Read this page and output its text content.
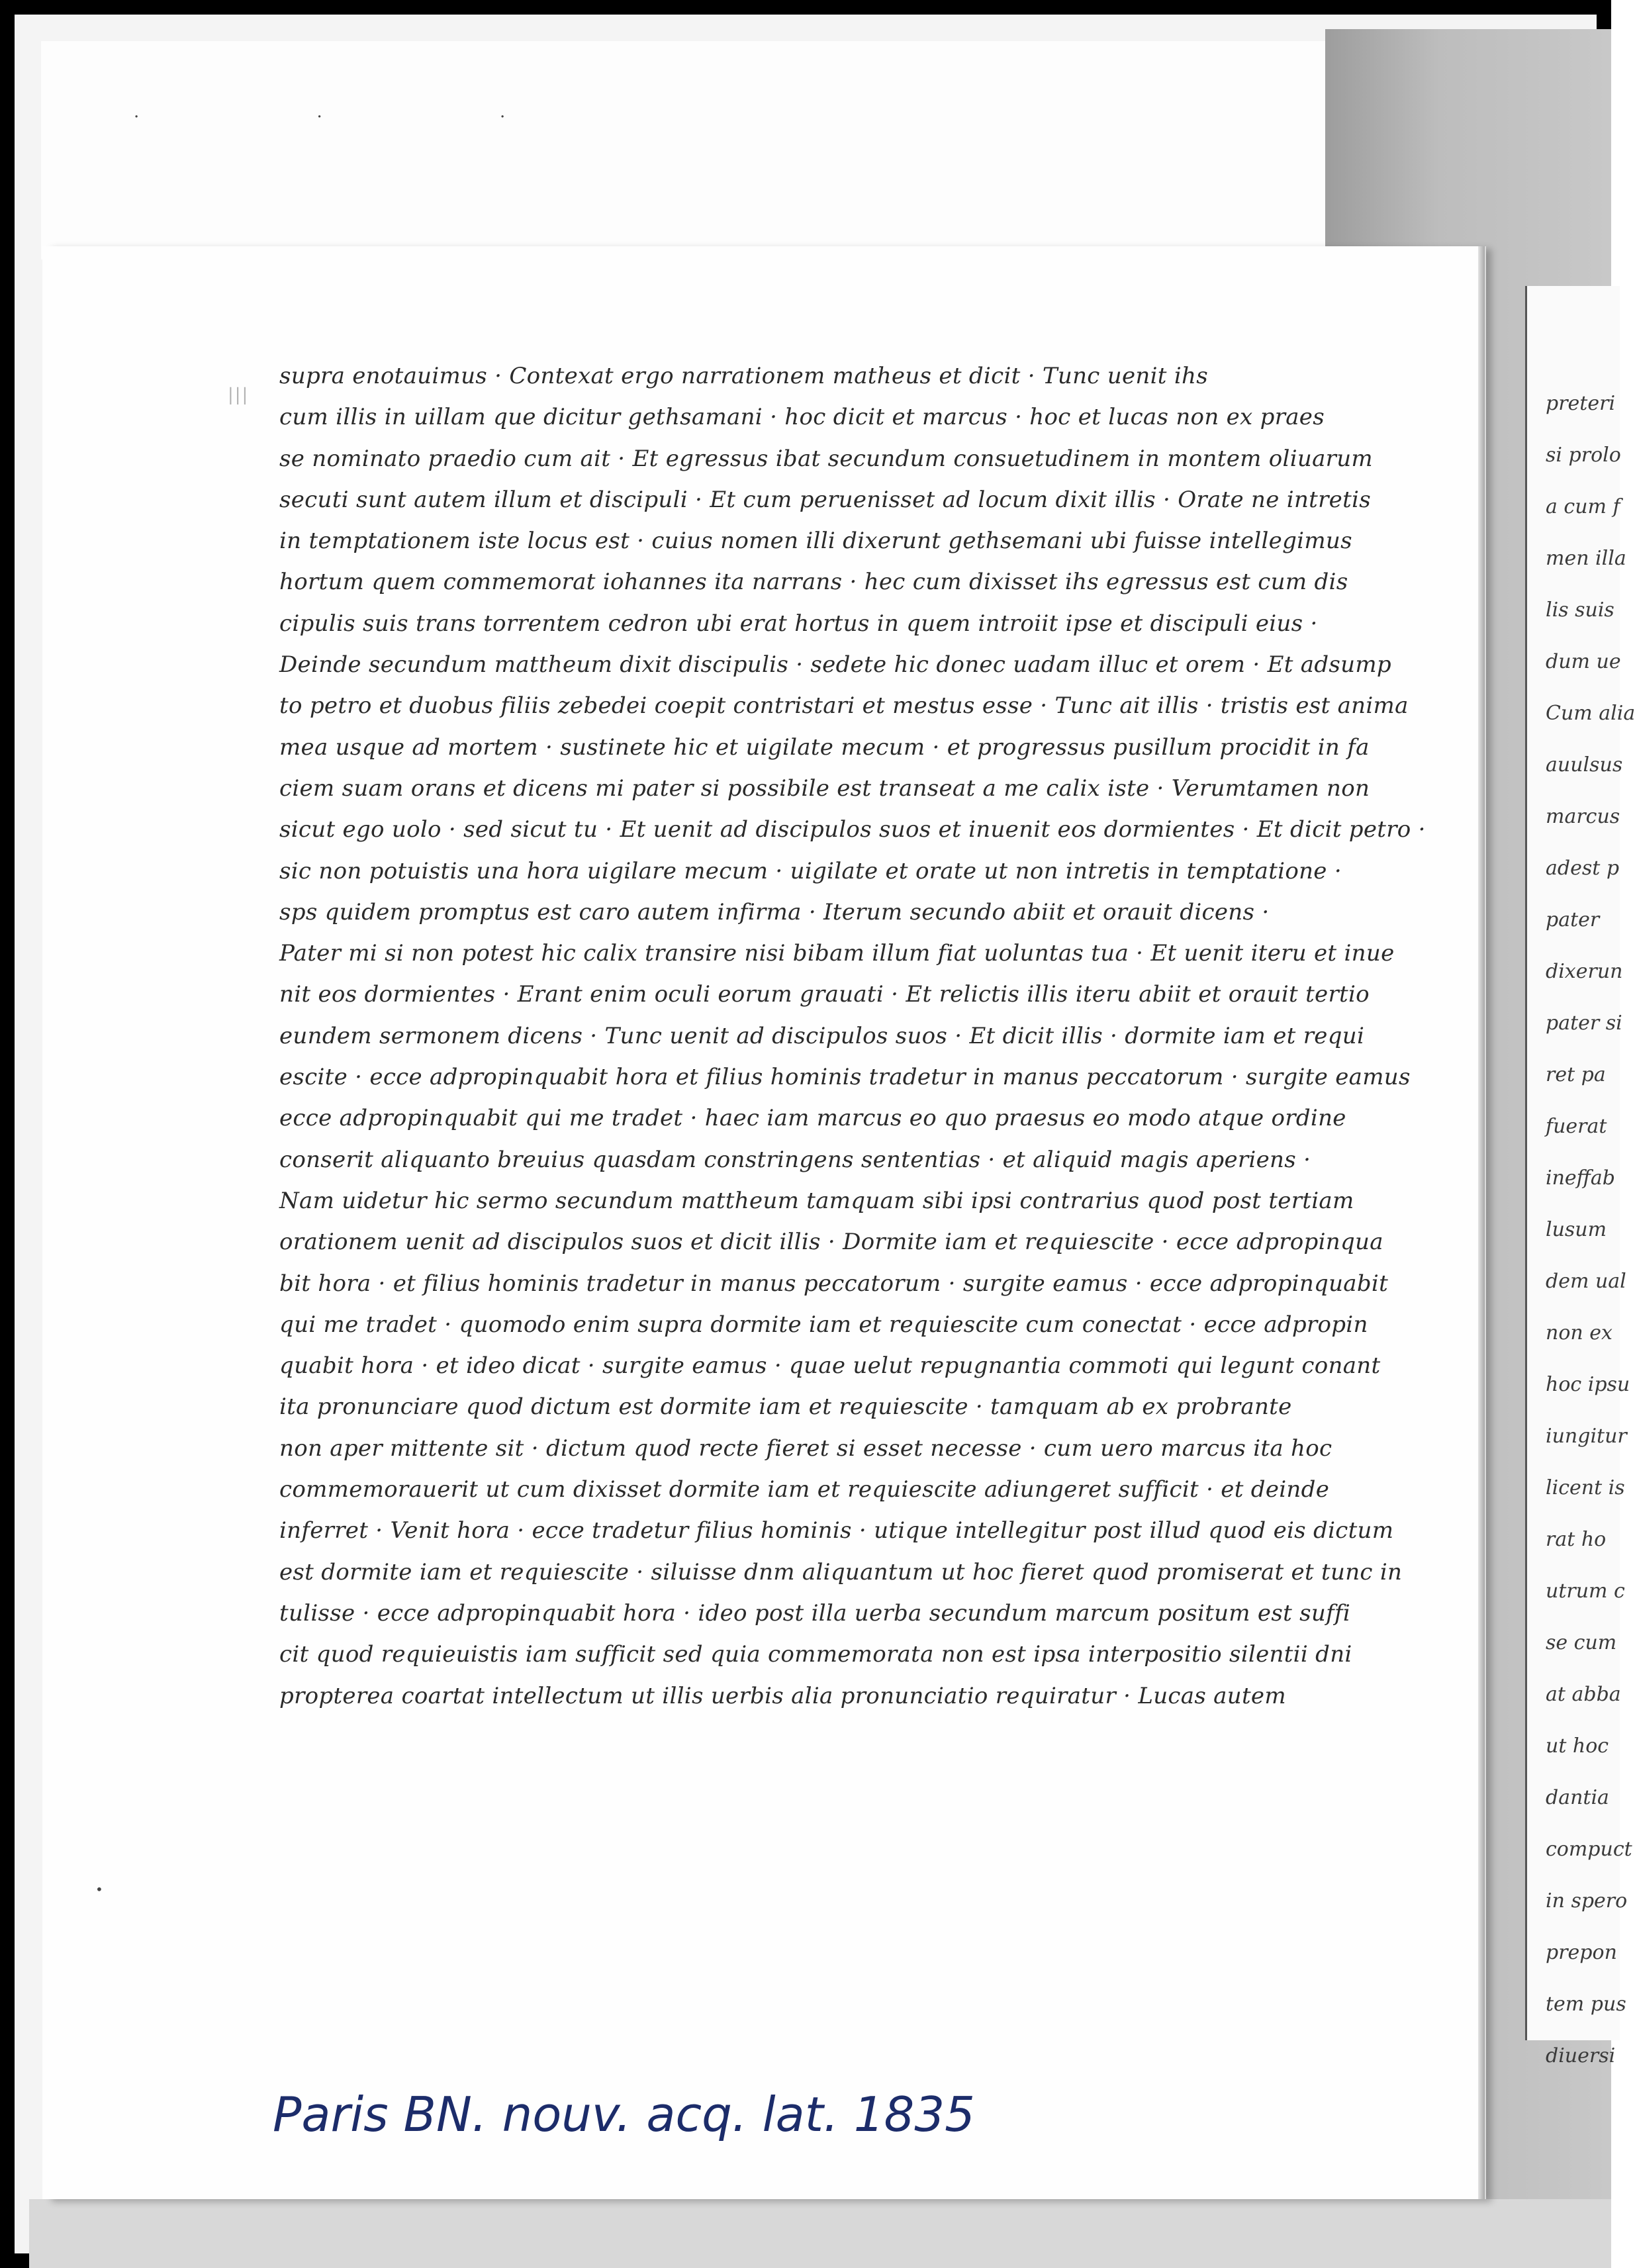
· · ·
preteri
si prolo
a cum f
men illa
lis suis
dum ue
Cum alia
auulsus
marcus
adest p
pater
dixerun
pater si
ret pa
fuerat
ineffab
lusum
dem ual
non ex
hoc ipsu
iungitur
licent is
rat ho
utrum c
se cum
at abba
ut hoc
dantia
compuct
in spero
prepon
tem pus
diuersi
|||
•
supra enotauimus · Contexat ergo narrationem matheus et dicit · Tunc uenit ihs
cum illis in uillam que dicitur gethsamani · hoc dicit et marcus · hoc et lucas non ex praes
se nominato praedio cum ait · Et egressus ibat secundum consuetudinem in montem oliuarum
secuti sunt autem illum et discipuli · Et cum peruenisset ad locum dixit illis · Orate ne intretis
in temptationem iste locus est · cuius nomen illi dixerunt gethsemani ubi fuisse intellegimus
hortum quem commemorat iohannes ita narrans · hec cum dixisset ihs egressus est cum dis
cipulis suis trans torrentem cedron ubi erat hortus in quem introiit ipse et discipuli eius ·
Deinde secundum mattheum dixit discipulis · sedete hic donec uadam illuc et orem · Et adsump
to petro et duobus filiis zebedei coepit contristari et mestus esse · Tunc ait illis · tristis est anima
mea usque ad mortem · sustinete hic et uigilate mecum · et progressus pusillum procidit in fa
ciem suam orans et dicens mi pater si possibile est transeat a me calix iste · Verumtamen non
sicut ego uolo · sed sicut tu · Et uenit ad discipulos suos et inuenit eos dormientes · Et dicit petro ·
sic non potuistis una hora uigilare mecum · uigilate et orate ut non intretis in temptatione ·
sps quidem promptus est caro autem infirma · Iterum secundo abiit et orauit dicens ·
Pater mi si non potest hic calix transire nisi bibam illum fiat uoluntas tua · Et uenit iteru et inue
nit eos dormientes · Erant enim oculi eorum grauati · Et relictis illis iteru abiit et orauit tertio
eundem sermonem dicens · Tunc uenit ad discipulos suos · Et dicit illis · dormite iam et requi
escite · ecce adpropinquabit hora et filius hominis tradetur in manus peccatorum · surgite eamus
ecce adpropinquabit qui me tradet · haec iam marcus eo quo praesus eo modo atque ordine
conserit aliquanto breuius quasdam constringens sententias · et aliquid magis aperiens ·
Nam uidetur hic sermo secundum mattheum tamquam sibi ipsi contrarius quod post tertiam
orationem uenit ad discipulos suos et dicit illis · Dormite iam et requiescite · ecce adpropinqua
bit hora · et filius hominis tradetur in manus peccatorum · surgite eamus · ecce adpropinquabit
qui me tradet · quomodo enim supra dormite iam et requiescite cum conectat · ecce adpropin
quabit hora · et ideo dicat · surgite eamus · quae uelut repugnantia commoti qui legunt conant
ita pronunciare quod dictum est dormite iam et requiescite · tamquam ab ex probrante
non aper mittente sit · dictum quod recte fieret si esset necesse · cum uero marcus ita hoc
commemorauerit ut cum dixisset dormite iam et requiescite adiungeret sufficit · et deinde
inferret · Venit hora · ecce tradetur filius hominis · utique intellegitur post illud quod eis dictum
est dormite iam et requiescite · siluisse dnm aliquantum ut hoc fieret quod promiserat et tunc in
tulisse · ecce adpropinquabit hora · ideo post illa uerba secundum marcum positum est suffi
cit quod requieuistis iam sufficit sed quia commemorata non est ipsa interpositio silentii dni
propterea coartat intellectum ut illis uerbis alia pronunciatio requiratur · Lucas autem
Paris BN. nouv. acq. lat. 1835
